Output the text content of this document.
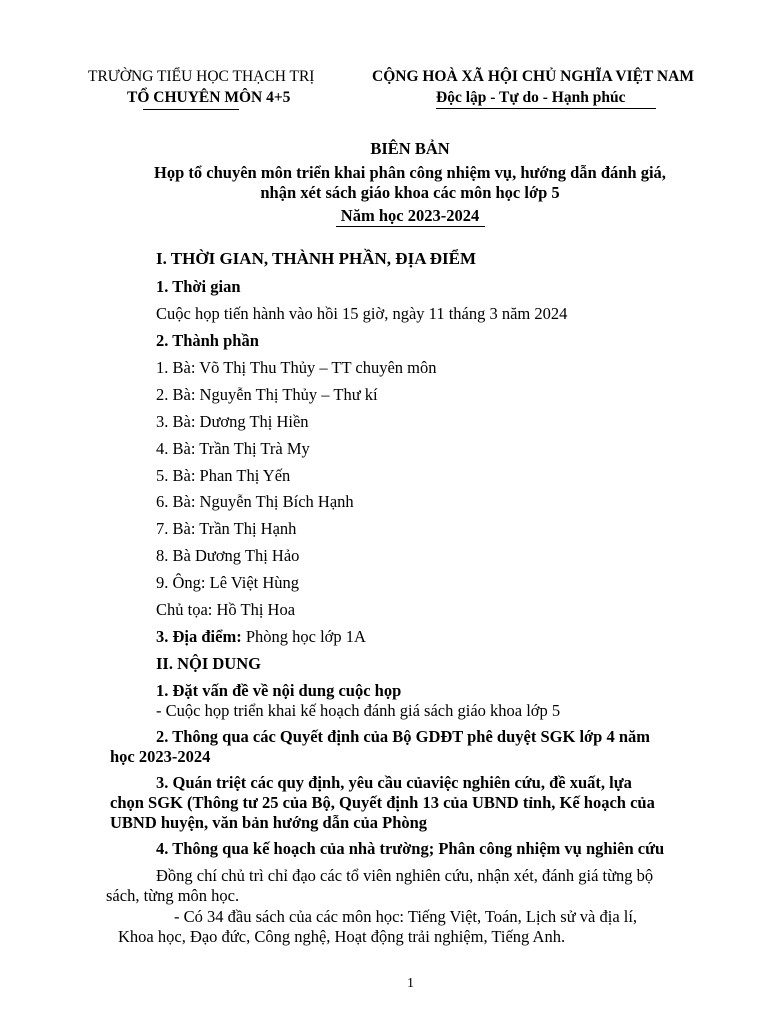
TRƯỜNG TIỂU HỌC THẠCH TRỊ
TỔ CHUYÊN MÔN 4+5
CỘNG HOÀ XÃ HỘI CHỦ NGHĨA VIỆT NAM
Độc lập - Tự do - Hạnh phúc
BIÊN BẢN
Họp tổ chuyên môn triển khai phân công nhiệm vụ, hướng dẫn đánh giá,
nhận xét sách giáo khoa các môn học lớp 5
Năm học 2023-2024
I. THỜI GIAN, THÀNH PHẦN, ĐỊA ĐIỂM
1. Thời gian
Cuộc họp tiến hành vào hồi 15 giờ, ngày 11 tháng 3 năm 2024
2. Thành phần
1. Bà: Võ Thị Thu Thủy – TT chuyên môn
2. Bà: Nguyễn Thị Thủy – Thư kí
3. Bà: Dương Thị Hiền
4. Bà: Trần Thị Trà My
5. Bà: Phan Thị Yến
6. Bà: Nguyễn Thị Bích Hạnh
7. Bà: Trần Thị Hạnh
8. Bà Dương Thị Hảo
9. Ông: Lê Việt Hùng
Chủ tọa: Hồ Thị Hoa
3. Địa điểm: Phòng học lớp 1A
II. NỘI DUNG
1. Đặt vấn đề về nội dung cuộc họp
- Cuộc họp triển khai kế hoạch đánh giá sách giáo khoa lớp 5
2. Thông qua các Quyết định của Bộ GDĐT phê duyệt SGK lớp 4 năm
học 2023-2024
3. Quán triệt các quy định, yêu cầu củaviệc nghiên cứu, đề xuất, lựa
chọn SGK (Thông tư 25 của Bộ, Quyết định 13 của UBND tỉnh, Kế hoạch của
UBND huyện, văn bản hướng dẫn của Phòng
4. Thông qua kế hoạch của nhà trường; Phân công nhiệm vụ nghiên cứu
Đồng chí chủ trì chỉ đạo các tổ viên nghiên cứu, nhận xét, đánh giá từng bộ
sách, từng môn học.
- Có 34 đầu sách của các môn học: Tiếng Việt, Toán, Lịch sử và địa lí,
Khoa học, Đạo đức, Công nghệ, Hoạt động trải nghiệm, Tiếng Anh.
1
